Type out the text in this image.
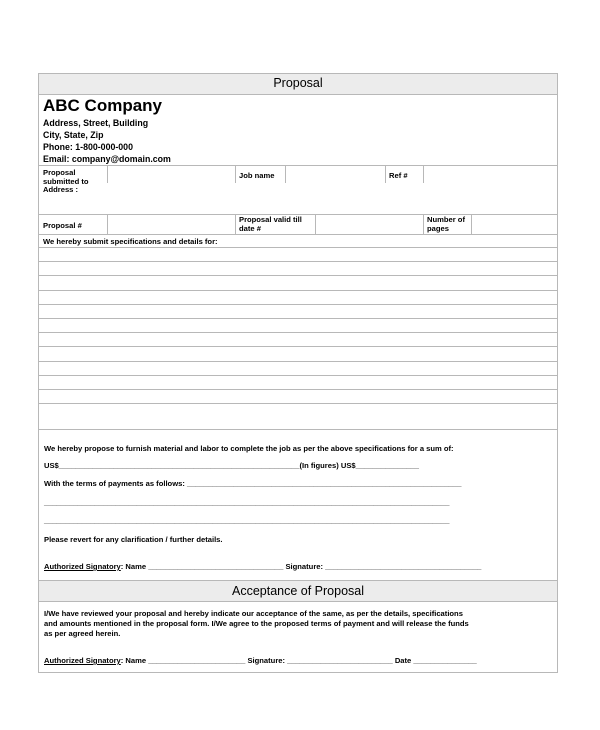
Proposal
ABC Company
Address, Street, Building
City, State, Zip
Phone: 1-800-000-000
Email: company@domain.com
Proposal submitted to
Job name	Ref #
Address :
Proposal #
Proposal valid till date #
Number of pages
We hereby submit specifications and details for:
We hereby propose to furnish material and labor to complete the job as per the above specifications for a sum of:
US$_________________________________________________________(In figures) US$_______________
With the terms of payments as follows: _________________________________________________________________
________________________________________________________________________________________________
________________________________________________________________________________________________
Please revert for any clarification / further details.
Authorized Signatory: Name ________________________________ Signature: _____________________________________
Acceptance of Proposal
I/We have reviewed your proposal and hereby indicate our acceptance of the same, as per the details, specifications
and amounts mentioned in the proposal form. I/We agree to the proposed terms of payment and will release the funds
as per agreed herein.
Authorized Signatory: Name _______________________ Signature: _________________________ Date _______________
